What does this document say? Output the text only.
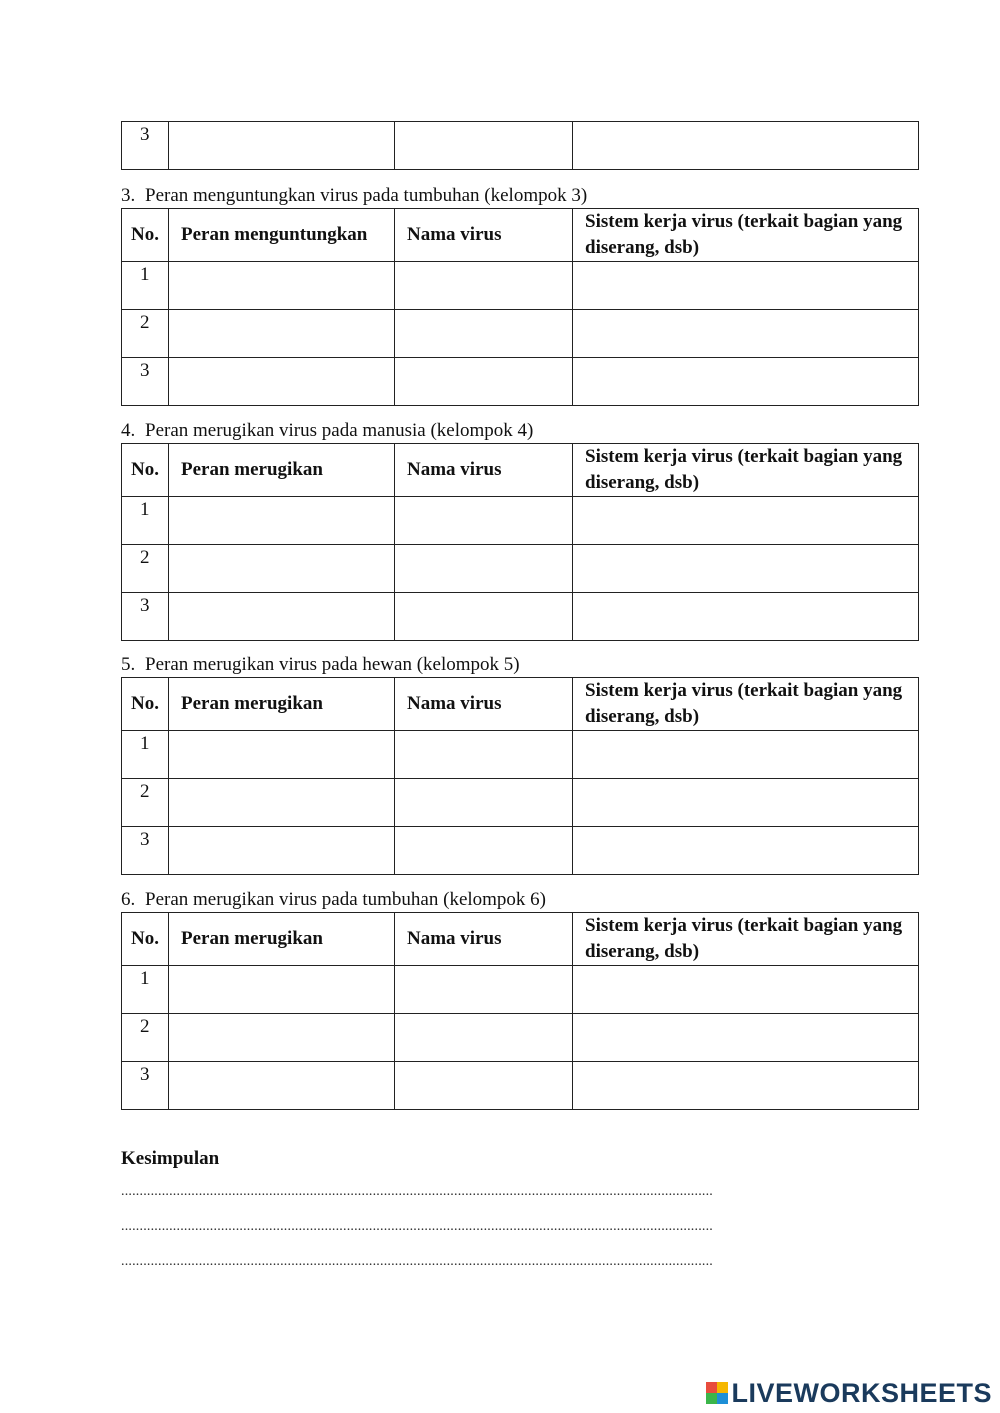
3			
3. Peran menguntungkan virus pada tumbuhan (kelompok 3)
No.	Peran menguntungkan	Nama virus	Sistem kerja virus (terkait bagian yang diserang, dsb)
1			
2			
3			
4. Peran merugikan virus pada manusia (kelompok 4)
No.	Peran merugikan	Nama virus	Sistem kerja virus (terkait bagian yang diserang, dsb)
1			
2			
3			
5. Peran merugikan virus pada hewan (kelompok 5)
No.	Peran merugikan	Nama virus	Sistem kerja virus (terkait bagian yang diserang, dsb)
1			
2			
3			
6. Peran merugikan virus pada tumbuhan (kelompok 6)
No.	Peran merugikan	Nama virus	Sistem kerja virus (terkait bagian yang diserang, dsb)
1			
2			
3			
Kesimpulan
................................................................................................................................................................
................................................................................................................................................................
................................................................................................................................................................
LIVEWORKSHEETS
